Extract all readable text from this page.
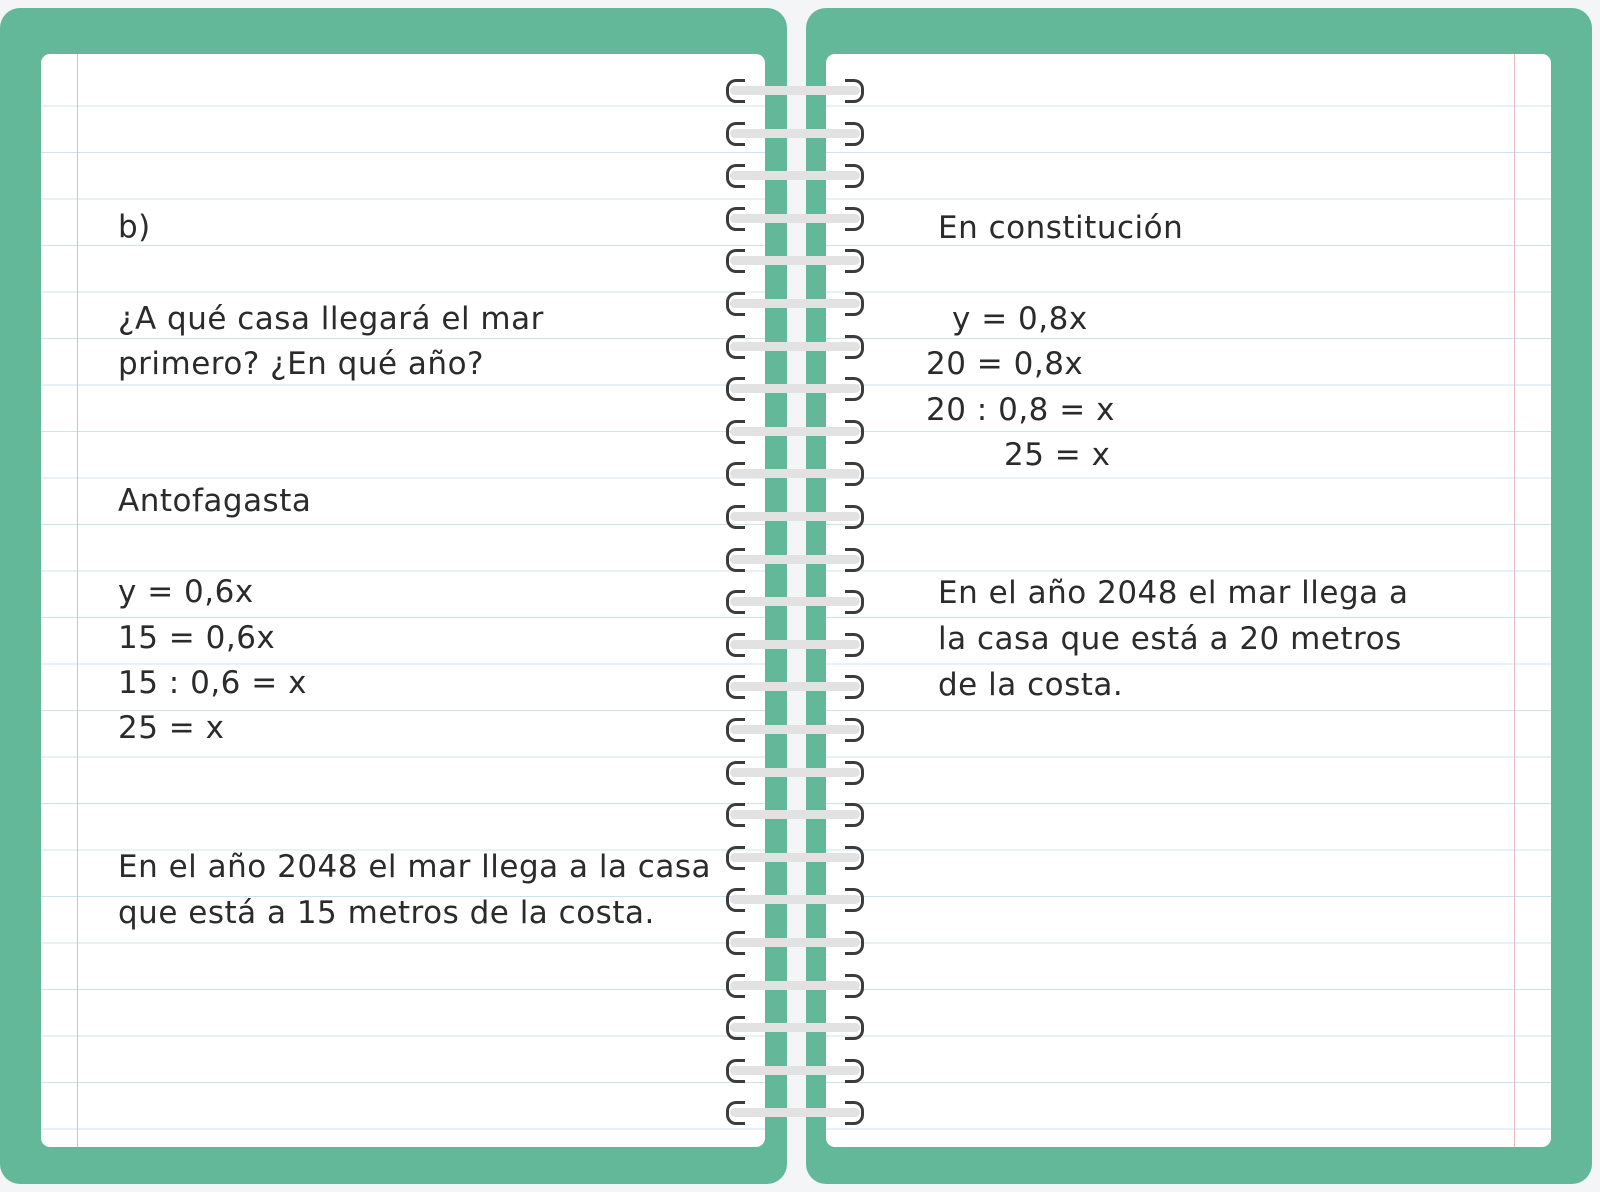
b)
¿A qué casa llegará el mar
primero? ¿En qué año?
Antofagasta
y = 0,6x
15 = 0,6x
15 : 0,6 = x
25 = x
En el año 2048 el mar llega a la casa
que está a 15 metros de la costa.
En constitución
y = 0,8x
20 = 0,8x
20 : 0,8 = x
25 = x
En el año 2048 el mar llega a
la casa que está a 20 metros
de la costa.
